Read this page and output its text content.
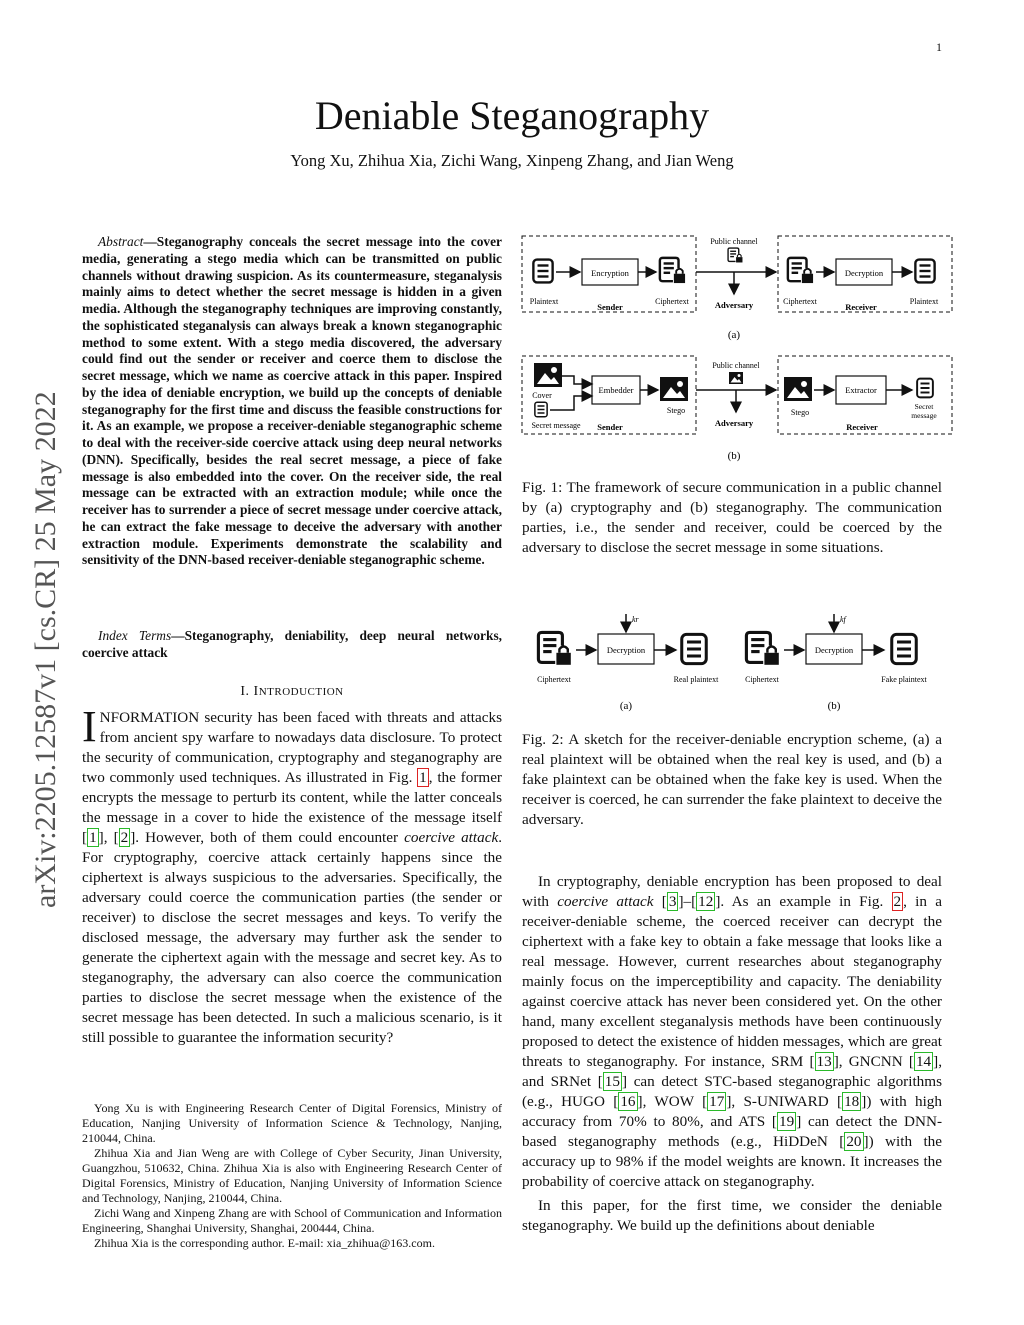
1
Deniable Steganography
Yong Xu, Zhihua Xia, Zichi Wang, Xinpeng Zhang, and Jian Weng
arXiv:2205.12587v1 [cs.CR] 25 May 2022
Abstract—Steganography conceals the secret message into the cover media, generating a stego media which can be transmitted on public channels without drawing suspicion. As its countermeasure, steganalysis mainly aims to detect whether the secret message is hidden in a given media. Although the steganography techniques are improving constantly, the sophisticated steganalysis can always break a known steganographic method to some extent. With a stego media discovered, the adversary could find out the sender or receiver and coerce them to disclose the secret message, which we name as coercive attack in this paper. Inspired by the idea of deniable encryption, we build up the concepts of deniable steganography for the first time and discuss the feasible constructions for it. As an example, we propose a receiver-deniable steganographic scheme to deal with the receiver-side coercive attack using deep neural networks (DNN). Specifically, besides the real secret message, a piece of fake message is also embedded into the cover. On the receiver side, the real message can be extracted with an extraction module; while once the receiver has to surrender a piece of secret message under coercive attack, he can extract the fake message to deceive the adversary with another extraction module. Experiments demonstrate the scalability and sensitivity of the DNN-based receiver-deniable steganographic scheme.
Index Terms—Steganography, deniability, deep neural networks, coercive attack
I. INTRODUCTION
INFORMATION security has been faced with threats and attacks from ancient spy warfare to nowadays data disclosure. To protect the security of communication, cryptography and steganography are two commonly used techniques. As illustrated in Fig. 1 , the former encrypts the message to perturb its content, while the latter conceals the message in a cover to hide the existence of the message itself [ 1 ], [ 2 ]. However, both of them could encounter coercive attack. For cryptography, coercive attack certainly happens since the ciphertext is always suspicious to the adversaries. Specifically, the adversary could coerce the communication parties (the sender or receiver) to disclose the secret messages and keys. To verify the disclosed message, the adversary may further ask the sender to generate the ciphertext again with the message and secret key. As to steganography, the adversary can also coerce the communication parties to disclose the secret message when the existence of the secret message has been detected. In such a malicious scenario, is it still possible to guarantee the information security?

Yong Xu is with Engineering Research Center of Digital Forensics, Ministry of Education, Nanjing University of Information Science & Technology, Nanjing, 210044, China.

Zhihua Xia and Jian Weng are with College of Cyber Security, Jinan University, Guangzhou, 510632, China. Zhihua Xia is also with Engineering Research Center of Digital Forensics, Ministry of Education, Nanjing University of Information Science and Technology, Nanjing, 210044, China.

Zichi Wang and Xinpeng Zhang are with School of Communication and Information Engineering, Shanghai University, Shanghai, 200444, China.

Zhihua Xia is the corresponding author. E-mail: xia_zhihua@163.com.

Encryption
Public channel
Adversary
Decryption
Plaintext
Sender
Ciphertext	Ciphertext
Receiver
Plaintext
(a)
Cover
Secret message
Embedder
Stego
Sender
Public channel
Adversary
Stego
Extractor
Secret
message
Receiver
(b)
Fig. 1: The framework of secure communication in a public channel by (a) cryptography and (b) steganography. The communication parties, i.e., the sender and receiver, could be coerced by the adversary to disclose the secret message in some situations.
kr
Decryption
Ciphertext	Real plaintext
(a)
kf
Decryption
Ciphertext	Fake plaintext
(b)
Fig. 2: A sketch for the receiver-deniable encryption scheme, (a) a real plaintext will be obtained when the real key is used, and (b) a fake plaintext can be obtained when the fake key is used. When the receiver is coerced, he can surrender the fake plaintext to deceive the adversary.

In cryptography, deniable encryption has been proposed to deal with coercive attack [ 3 ]–[ 12 ]. As an example in Fig. 2 , in a receiver-deniable scheme, the coerced receiver can decrypt the ciphertext with a fake key to obtain a fake message that looks like a real message. However, current researches about steganography mainly focus on the imperceptibility and capacity. The deniability against coercive attack has never been considered yet. On the other hand, many excellent steganalysis methods have been continuously proposed to detect the existence of hidden messages, which are great threats to steganography. For instance, SRM [ 13 ], GNCNN [ 14 ], and SRNet [ 15 ] can detect STC-based steganographic algorithms (e.g., HUGO [ 16 ], WOW [ 17 ], S-UNIWARD [ 18 ]) with high accuracy from 70% to 80%, and ATS [ 19 ] can detect the DNN-based steganography methods (e.g., HiDDeN [ 20 ]) with the accuracy up to 98% if the model weights are known. It increases the probability of coercive attack on steganography.

In this paper, for the first time, we consider the deniable steganography. We build up the definitions about deniable
